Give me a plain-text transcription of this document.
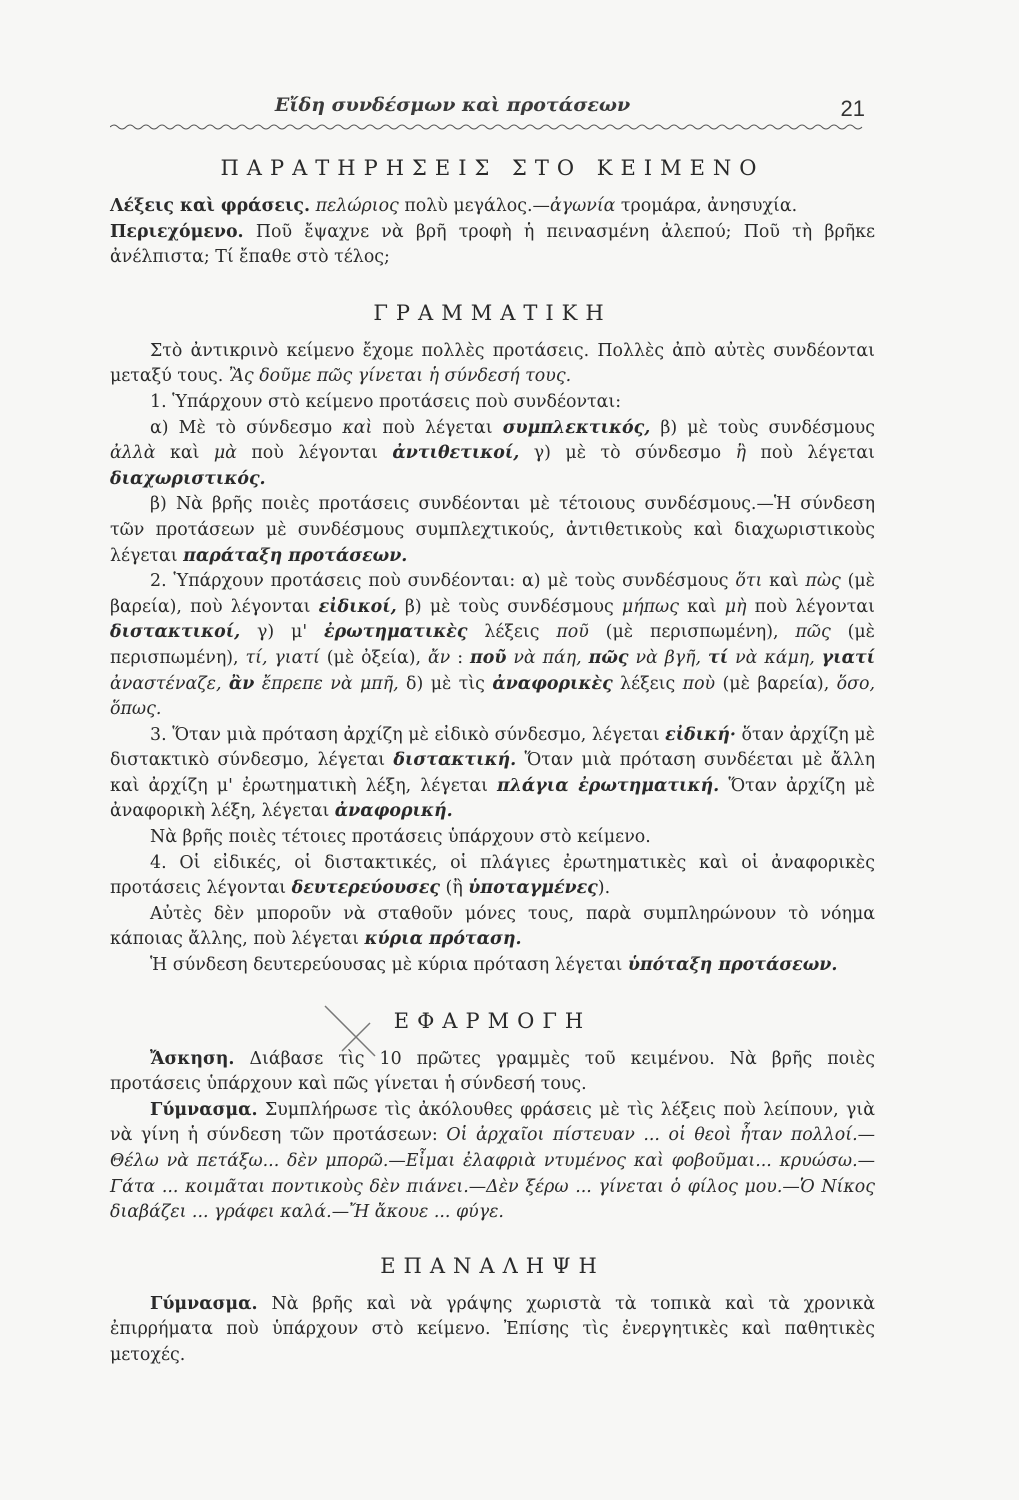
Εἴδη συνδέσμων καὶ προτάσεων	21
ΠΑΡΑΤΗΡΗΣΕΙΣ ΣΤΟ ΚΕΙΜΕΝΟ

Λέξεις καὶ φράσεις. πελώριος πολὺ μεγάλος.—ἀγωνία τρομάρα, ἀνησυχία.

Περιεχόμενο. Ποῦ ἔψαχνε νὰ βρῆ τροφὴ ἡ πεινασμένη ἀλεπού; Ποῦ τὴ βρῆκε ἀνέλπιστα; Τί ἔπαθε στὸ τέλος;

ΓΡΑΜΜΑΤΙΚΗ

Στὸ ἀντικρινὸ κείμενο ἔχομε πολλὲς προτάσεις. Πολλὲς ἀπὸ αὐτὲς συνδέονται μεταξύ τους. Ἂς δοῦμε πῶς γίνεται ἡ σύνδεσή τους.

1. Ὑπάρχουν στὸ κείμενο προτάσεις ποὺ συνδέονται:

α) Μὲ τὸ σύνδεσμο καὶ ποὺ λέγεται συμπλεκτικός, β) μὲ τοὺς συνδέσμους ἀλλὰ καὶ μὰ ποὺ λέγονται ἀντιθετικοί, γ) μὲ τὸ σύνδεσμο ἢ ποὺ λέγεται διαχωριστικός.

β) Νὰ βρῆς ποιὲς προτάσεις συνδέονται μὲ τέτοιους συνδέσμους.—Ἡ σύνδεση τῶν προτάσεων μὲ συνδέσμους συμπλεχτικούς, ἀντιθετικοὺς καὶ διαχωριστικοὺς λέγεται παράταξη προτάσεων.

2. Ὑπάρχουν προτάσεις ποὺ συνδέονται: α) μὲ τοὺς συνδέσμους ὅτι καὶ πὼς (μὲ βαρεία), ποὺ λέγονται εἰδικοί, β) μὲ τοὺς συνδέσμους μήπως καὶ μὴ ποὺ λέγονται διστακτικοί, γ) μ' ἐρωτηματικὲς λέξεις ποῦ (μὲ περισπωμένη), πῶς (μὲ περισπωμένη), τί, γιατί (μὲ ὀξεία), ἄν : ποῦ νὰ πάη, πῶς νὰ βγῆ, τί νὰ κάμη, γιατί ἀναστέναζε, ἂν ἔπρεπε νὰ μπῆ, δ) μὲ τὶς ἀναφορικὲς λέξεις ποὺ (μὲ βαρεία), ὅσο, ὅπως.

3. Ὅταν μιὰ πρόταση ἀρχίζη μὲ εἰδικὸ σύνδεσμο, λέγεται εἰδική· ὅταν ἀρχίζη μὲ διστακτικὸ σύνδεσμο, λέγεται διστακτική. Ὅταν μιὰ πρόταση συνδέεται μὲ ἄλλη καὶ ἀρχίζη μ' ἐρωτηματικὴ λέξη, λέγεται πλάγια ἐρωτηματική. Ὅταν ἀρχίζη μὲ ἀναφορικὴ λέξη, λέγεται ἀναφορική.

Νὰ βρῆς ποιὲς τέτοιες προτάσεις ὑπάρχουν στὸ κείμενο.

4. Οἱ εἰδικές, οἱ διστακτικές, οἱ πλάγιες ἐρωτηματικὲς καὶ οἱ ἀναφορικὲς προτάσεις λέγονται δευτερεύουσες (ἢ ὑποταγμένες).

Αὐτὲς δὲν μποροῦν νὰ σταθοῦν μόνες τους, παρὰ συμπληρώνουν τὸ νόημα κάποιας ἄλλης, ποὺ λέγεται κύρια πρόταση.

Ἡ σύνδεση δευτερεύουσας μὲ κύρια πρόταση λέγεται ὑπόταξη προτάσεων.

ΕΦΑΡΜΟΓΗ

Ἄσκηση. Διάβασε τὶς 10 πρῶτες γραμμὲς τοῦ κειμένου. Νὰ βρῆς ποιὲς προτάσεις ὑπάρχουν καὶ πῶς γίνεται ἡ σύνδεσή τους.

Γύμνασμα. Συμπλήρωσε τὶς ἀκόλουθες φράσεις μὲ τὶς λέξεις ποὺ λείπουν, γιὰ νὰ γίνη ἡ σύνδεση τῶν προτάσεων: Οἱ ἀρχαῖοι πίστευαν ... οἱ θεοὶ ἦταν πολλοί.—Θέλω νὰ πετάξω... δὲν μπορῶ.—Εἶμαι ἐλαφριὰ ντυμένος καὶ φοβοῦμαι... κρυώσω.—Γάτα ... κοιμᾶται ποντικοὺς δὲν πιάνει.—Δὲν ξέρω ... γίνεται ὁ φίλος μου.—Ὁ Νίκος διαβάζει ... γράφει καλά.—Ἤ ἄκουε ... φύγε.

ΕΠΑΝΑΛΗΨΗ

Γύμνασμα. Νὰ βρῆς καὶ νὰ γράψης χωριστὰ τὰ τοπικὰ καὶ τὰ χρονικὰ ἐπιρρήματα ποὺ ὑπάρχουν στὸ κείμενο. Ἐπίσης τὶς ἐνεργητικὲς καὶ παθητικὲς μετοχές.
